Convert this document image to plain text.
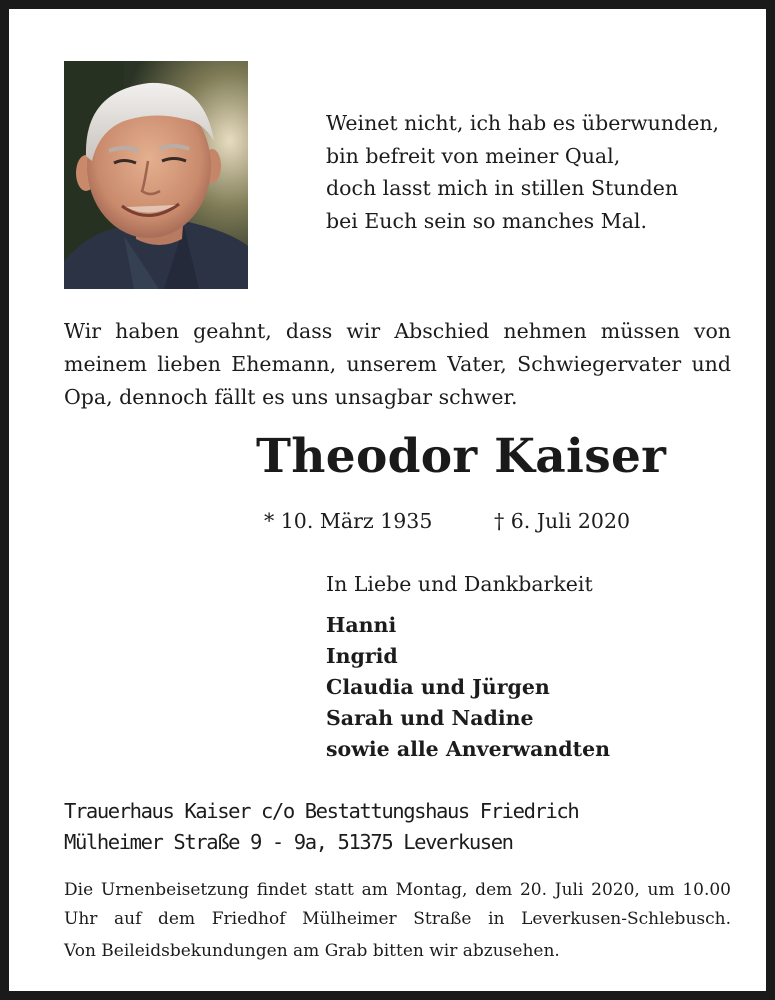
Weinet nicht, ich hab es überwunden,
bin befreit von meiner Qual,
doch lasst mich in stillen Stunden
bei Euch sein so manches Mal.
Wir haben geahnt, dass wir Abschied nehmen müssen von meinem lieben Ehemann, unserem Vater, Schwiegervater und Opa, dennoch fällt es uns unsagbar schwer.
Theodor Kaiser
* 10. März 1935	† 6. Juli 2020
In Liebe und Dankbarkeit
Hanni
Ingrid
Claudia und Jürgen
Sarah und Nadine
sowie alle Anverwandten
Trauerhaus Kaiser c/o Bestattungshaus Friedrich
Mülheimer Straße 9 - 9a, 51375 Leverkusen
Die Urnenbeisetzung findet statt am Montag, dem 20. Juli 2020, um 10.00 Uhr auf dem Friedhof Mülheimer Straße in Leverkusen-Schlebusch.
Von Beileidsbekundungen am Grab bitten wir abzusehen.
